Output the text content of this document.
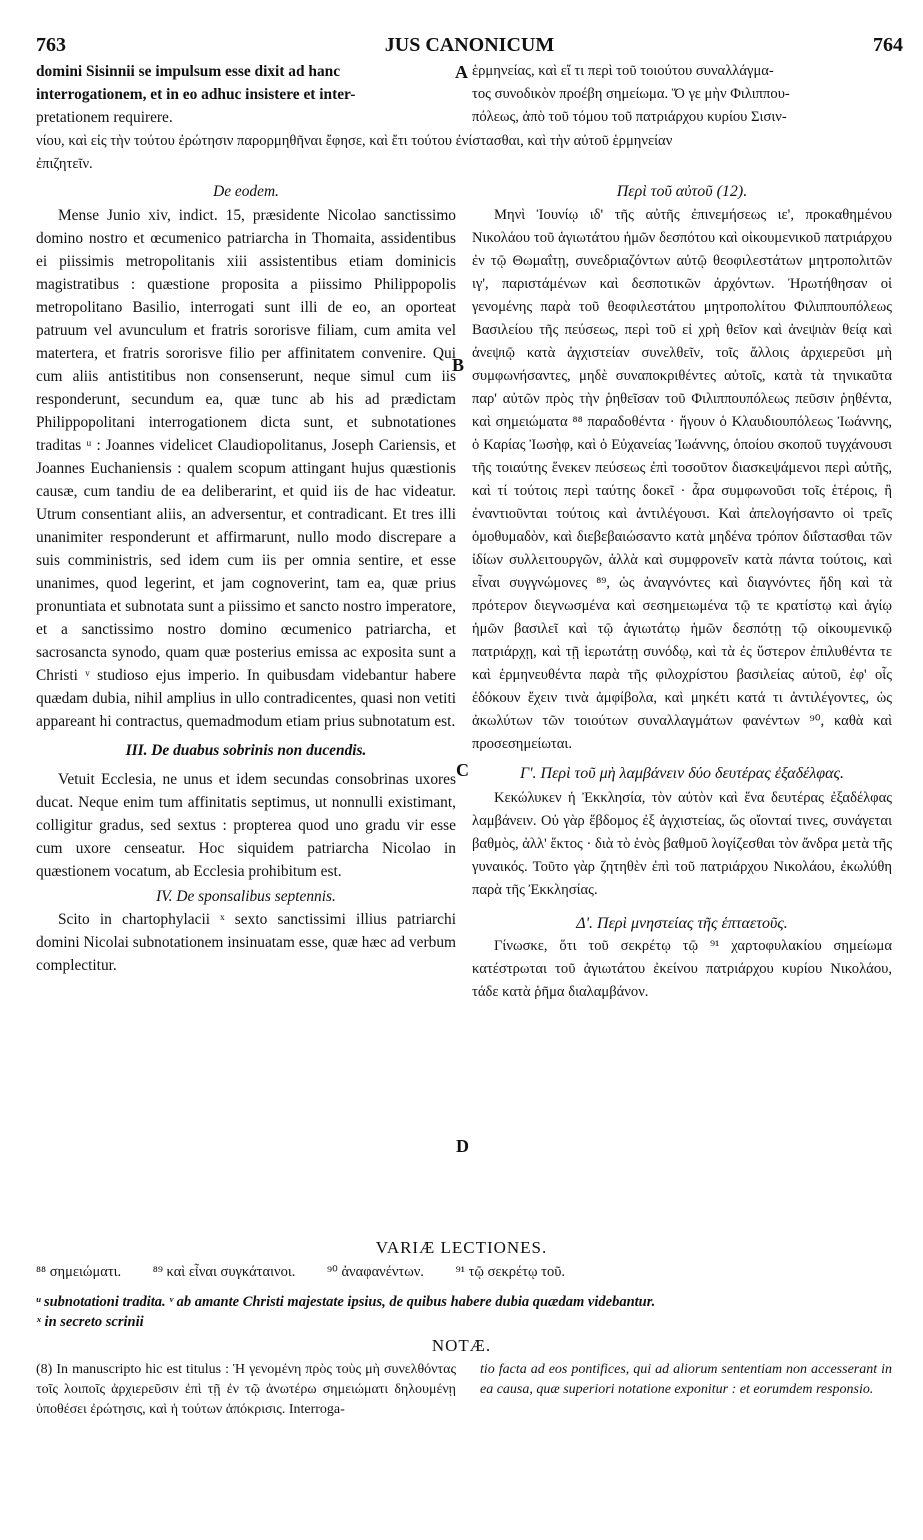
763	JUS CANONICUM	764

domini Sisinnii se impulsum esse dixit ad hanc

interrogationem, et in eo adhuc insistere et inter-

pretationem requirere.

ἑρμηνείας, καὶ εἴ τι περὶ τοῦ τοιούτου συναλλάγμα-

τος συνοδικὸν προέβη σημείωμα. Ὅ γε μὴν Φιλιππου-

πόλεως, ἀπὸ τοῦ τόμου τοῦ πατριάρχου κυρίου Σισιν-

νίου, καὶ εἰς τὴν τούτου ἐρώτησιν παρορμηθῆναι ἔφησε, καὶ ἔτι τούτου ἐνίστασθαι, καὶ τὴν αὐτοῦ ἑρμηνείαν
ἐπιζητεῖν.
A
B
C
D

De eodem.

Mense Junio xiv, indict. 15, præsidente Nicolao sanctissimo domino nostro et œcumenico patriarcha in Thomaita, assidentibus ei piissimis metropolitanis xiii assistentibus etiam dominicis magistratibus : quæstione proposita a piissimo Philippopolis metropolitano Basilio, interrogati sunt illi de eo, an oporteat patruum vel avunculum et fratris sororisve filiam, cum amita vel matertera, et fratris sororisve filio per affinitatem convenire. Qui cum aliis antistitibus non consenserunt, neque simul cum iis responderunt, secundum ea, quæ tunc ab his ad prædictam Philippopolitani interrogationem dicta sunt, et subnotationes traditas ᵘ : Joannes videlicet Claudiopolitanus, Joseph Cariensis, et Joannes Euchaniensis : qualem scopum attingant hujus quæstionis causæ, cum tandiu de ea deliberarint, et quid iis de hac videatur. Utrum consentiant aliis, an adversentur, et contradicant. Et tres illi unanimiter responderunt et affirmarunt, nullo modo discrepare a suis comministris, sed idem cum iis per omnia sentire, et esse unanimes, quod legerint, et jam cognoverint, tam ea, quæ prius pronuntiata et subnotata sunt a piissimo et sancto nostro imperatore, et a sanctissimo nostro domino œcumenico patriarcha, et sacrosancta synodo, quam quæ posterius emissa ac exposita sunt a Christi ᵛ studioso ejus imperio. In quibusdam videbantur habere quædam dubia, nihil amplius in ullo contradicentes, quasi non vetiti appareant hi contractus, quemadmodum etiam prius subnotatum est.

III. De duabus sobrinis non ducendis.

Vetuit Ecclesia, ne unus et idem secundas consobrinas uxores ducat. Neque enim tum affinitatis septimus, ut nonnulli existimant, colligitur gradus, sed sextus : propterea quod uno gradu vir esse cum uxore censeatur. Hoc siquidem patriarcha Nicolao in quæstionem vocatum, ab Ecclesia prohibitum est.

IV. De sponsalibus septennis.

Scito in chartophylacii ˣ sexto sanctissimi illius patriarchi domini Nicolai subnotationem insinuatam esse, quæ hæc ad verbum complectitur.

Περὶ τοῦ αὐτοῦ (12).

Μηνὶ Ἰουνίῳ ιδ' τῆς αὐτῆς ἐπινεμήσεως ιε', προκαθημένου Νικολάου τοῦ ἁγιωτάτου ἡμῶν δεσπότου καὶ οἰκουμενικοῦ πατριάρχου ἐν τῷ Θωμαΐτῃ, συνεδριαζόντων αὐτῷ θεοφιλεστάτων μητροπολιτῶν ιγ', παριστάμένων καὶ δεσποτικῶν ἀρχόντων. Ἠρωτήθησαν οἱ γενομένης παρὰ τοῦ θεοφιλεστάτου μητροπολίτου Φιλιππουπόλεως Βασιλείου τῆς πεύσεως, περὶ τοῦ εἰ χρὴ θεῖον καὶ ἀνεψιὰν θείᾳ καὶ ἀνεψιῷ κατὰ ἀγχιστείαν συνελθεῖν, τοῖς ἄλλοις ἀρχιερεῦσι μὴ συμφωνήσαντες, μηδὲ συναποκριθέντες αὐτοῖς, κατὰ τὰ τηνικαῦτα παρ' αὐτῶν πρὸς τὴν ῥηθεῖσαν τοῦ Φιλιππουπόλεως πεῦσιν ῥηθέντα, καὶ σημειώματα ⁸⁸ παραδοθέντα · ἤγουν ὁ Κλαυδιουπόλεως Ἰωάννης, ὁ Καρίας Ἰωσὴφ, καὶ ὁ Εὐχανείας Ἰωάννης, ὁποίου σκοποῦ τυγχάνουσι τῆς τοιαύτης ἕνεκεν πεύσεως ἐπὶ τοσοῦτον διασκεψάμενοι περὶ αὐτῆς, καὶ τί τούτοις περὶ ταύτης δοκεῖ · ἆρα συμφωνοῦσι τοῖς ἑτέροις, ἢ ἐναντιοῦνται τούτοις καὶ ἀντιλέγουσι. Καὶ ἀπελογήσαντο οἱ τρεῖς ὁμοθυμαδὸν, καὶ διεβεβαιώσαντο κατὰ μηδένα τρόπον διΐστασθαι τῶν ἰδίων συλλειτουργῶν, ἀλλὰ καὶ συμφρονεῖν κατὰ πάντα τούτοις, καὶ εἶναι συγγνώμονες ⁸⁹, ὡς ἀναγνόντες καὶ διαγνόντες ἤδη καὶ τὰ πρότερον διεγνωσμένα καὶ σεσημειωμένα τῷ τε κρατίστῳ καὶ ἁγίῳ ἡμῶν βασιλεῖ καὶ τῷ ἁγιωτάτῳ ἡμῶν δεσπότῃ τῷ οἰκουμενικῷ πατριάρχῃ, καὶ τῇ ἱερωτάτῃ συνόδῳ, καὶ τὰ ἐς ὕστερον ἐπιλυθέντα τε καὶ ἑρμηνευθέντα παρὰ τῆς φιλοχρίστου βασιλείας αὐτοῦ, ἐφ' οἷς ἐδόκουν ἔχειν τινὰ ἀμφίβολα, καὶ μηκέτι κατά τι ἀντιλέγοντες, ὡς ἀκωλύτων τῶν τοιούτων συναλλαγμάτων φανέντων ⁹⁰, καθὰ καὶ προσεσημείωται.

Γ'. Περὶ τοῦ μὴ λαμβάνειν δύο δευτέρας ἐξαδέλφας.

Κεκώλυκεν ἡ Ἐκκλησία, τὸν αὐτὸν καὶ ἕνα δευτέρας ἐξαδέλφας λαμβάνειν. Οὐ γὰρ ἕβδομος ἐξ ἀγχιστείας, ὥς οἴονταί τινες, συνάγεται βαθμὸς, ἀλλ' ἕκτος · διὰ τὸ ἑνὸς βαθμοῦ λογίζεσθαι τὸν ἄνδρα μετὰ τῆς γυναικός. Τοῦτο γὰρ ζητηθὲν ἐπὶ τοῦ πατριάρχου Νικολάου, ἐκωλύθη παρὰ τῆς Ἐκκλησίας.

Δ'. Περὶ μνηστείας τῆς ἑπταετοῦς.

Γίνωσκε, ὅτι τοῦ σεκρέτῳ τῷ ⁹¹ χαρτοφυλακίου σημείωμα κατέστρωται τοῦ ἁγιωτάτου ἐκείνου πατριάρχου κυρίου Νικολάου, τάδε κατὰ ῥῆμα διαλαμβάνον.

VARIÆ LECTIONES.
⁸⁸ σημειώματι. ⁸⁹ καὶ εἶναι συγκάταινοι. ⁹⁰ ἀναφανέντων. ⁹¹ τῷ σεκρέτῳ τοῦ.
ᵘ subnotationi tradita. ᵛ ab amante Christi majestate ipsius, de quibus habere dubia quædam videbantur.
ˣ in secreto scrinii
NOTÆ.
(8) In manuscripto hic est titulus : Ἡ γενομένη πρὸς τοὺς μὴ συνελθόντας τοῖς λοιποῖς ἀρχιερεῦσιν ἐπὶ τῇ ἐν τῷ ἀνωτέρω σημειώματι δηλουμένῃ ὑποθέσει ἐρώτησις, καὶ ἡ τούτων ἀπόκρισις. Interroga-
tio facta ad eos pontifices, qui ad aliorum sententiam non accesserant in ea causa, quæ superiori notatione exponitur : et eorumdem responsio.
